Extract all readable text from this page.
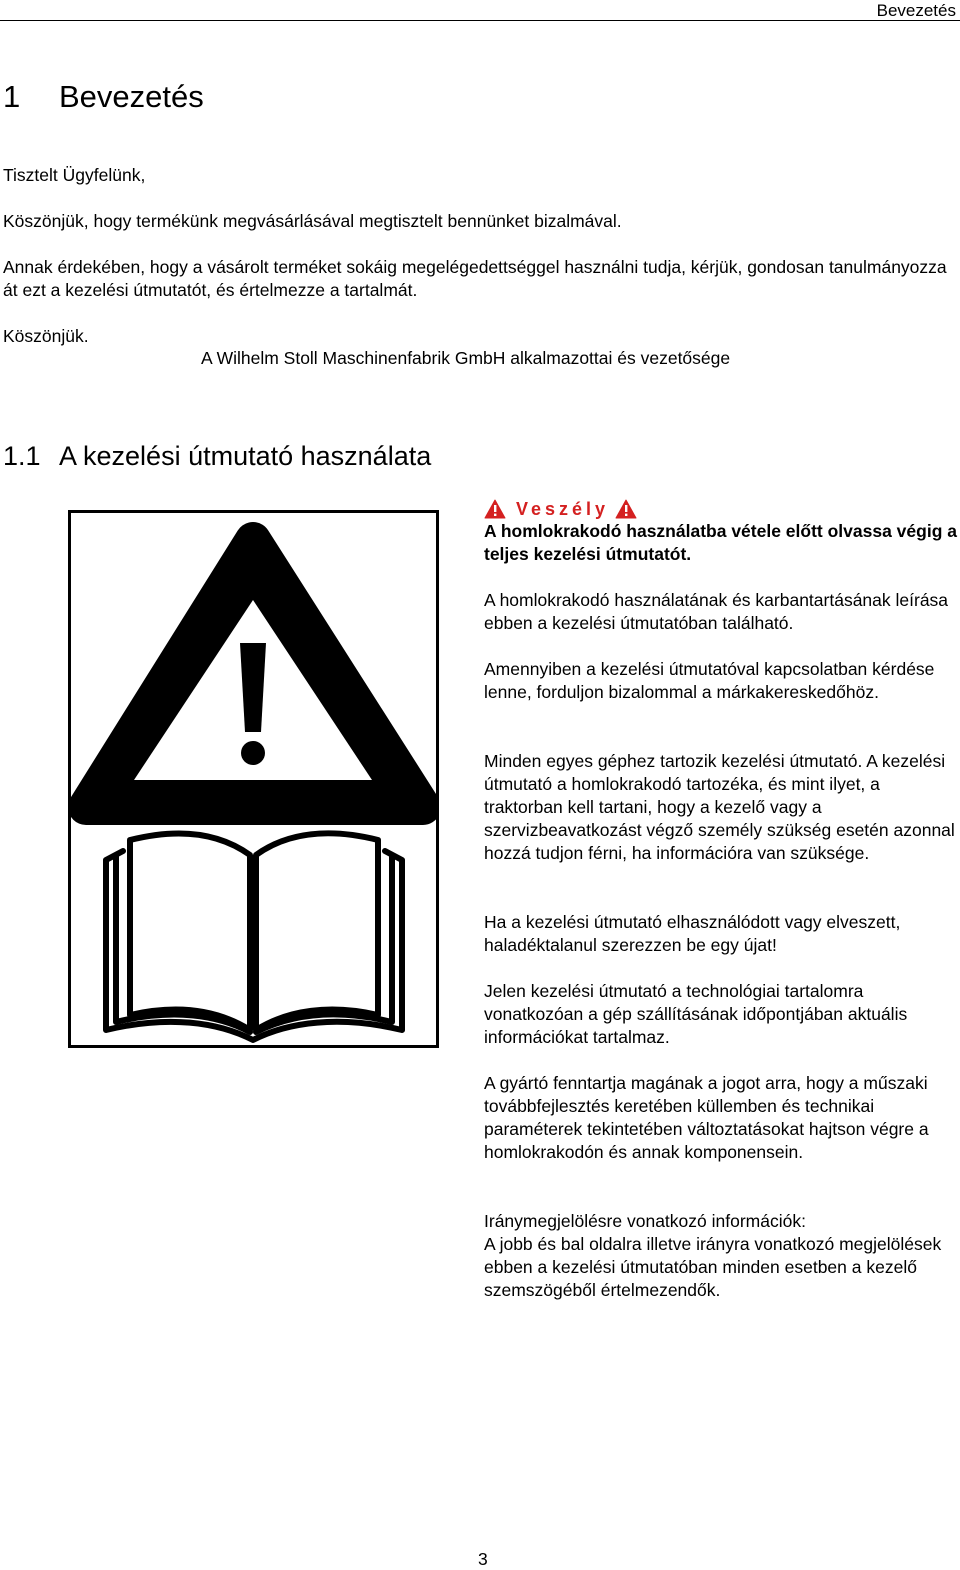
Bevezetés
1 Bevezetés

Tisztelt Ügyfelünk,

Köszönjük, hogy termékünk megvásárlásával megtisztelt bennünket bizalmával.

Annak érdekében, hogy a vásárolt terméket sokáig megelégedettséggel használni tudja, kérjük, gondosan tanulmányozza át ezt a kezelési útmutatót, és értelmezze a tartalmát.

Köszönjük.

A Wilhelm Stoll Maschinenfabrik GmbH alkalmazottai és vezetősége
1.1 A kezelési útmutató használata
Veszély

A homlokrakodó használatba vétele előtt olvassa végig a teljes kezelési útmutatót.

A homlokrakodó használatának és karbantartásának leírása ebben a kezelési útmutatóban található.

Amennyiben a kezelési útmutatóval kapcsolatban kérdése lenne, forduljon bizalommal a márkakereskedőhöz.

Minden egyes géphez tartozik kezelési útmutató. A kezelési útmutató a homlokrakodó tartozéka, és mint ilyet, a traktorban kell tartani, hogy a kezelő vagy a szervizbeavatkozást végző személy szükség esetén azonnal hozzá tudjon férni, ha információra van szüksége.

Ha a kezelési útmutató elhasználódott vagy elveszett, haladéktalanul szerezzen be egy újat!

Jelen kezelési útmutató a technológiai tartalomra vonatkozóan a gép szállításának időpontjában aktuális információkat tartalmaz.

A gyártó fenntartja magának a jogot arra, hogy a műszaki továbbfejlesztés keretében küllemben és technikai paraméterek tekintetében változtatásokat hajtson végre a homlokrakodón és annak komponensein.

Iránymegjelölésre vonatkozó információk:

A jobb és bal oldalra illetve irányra vonatkozó megjelölések ebben a kezelési útmutatóban minden esetben a kezelő szemszögéből értelmezendők.

3
